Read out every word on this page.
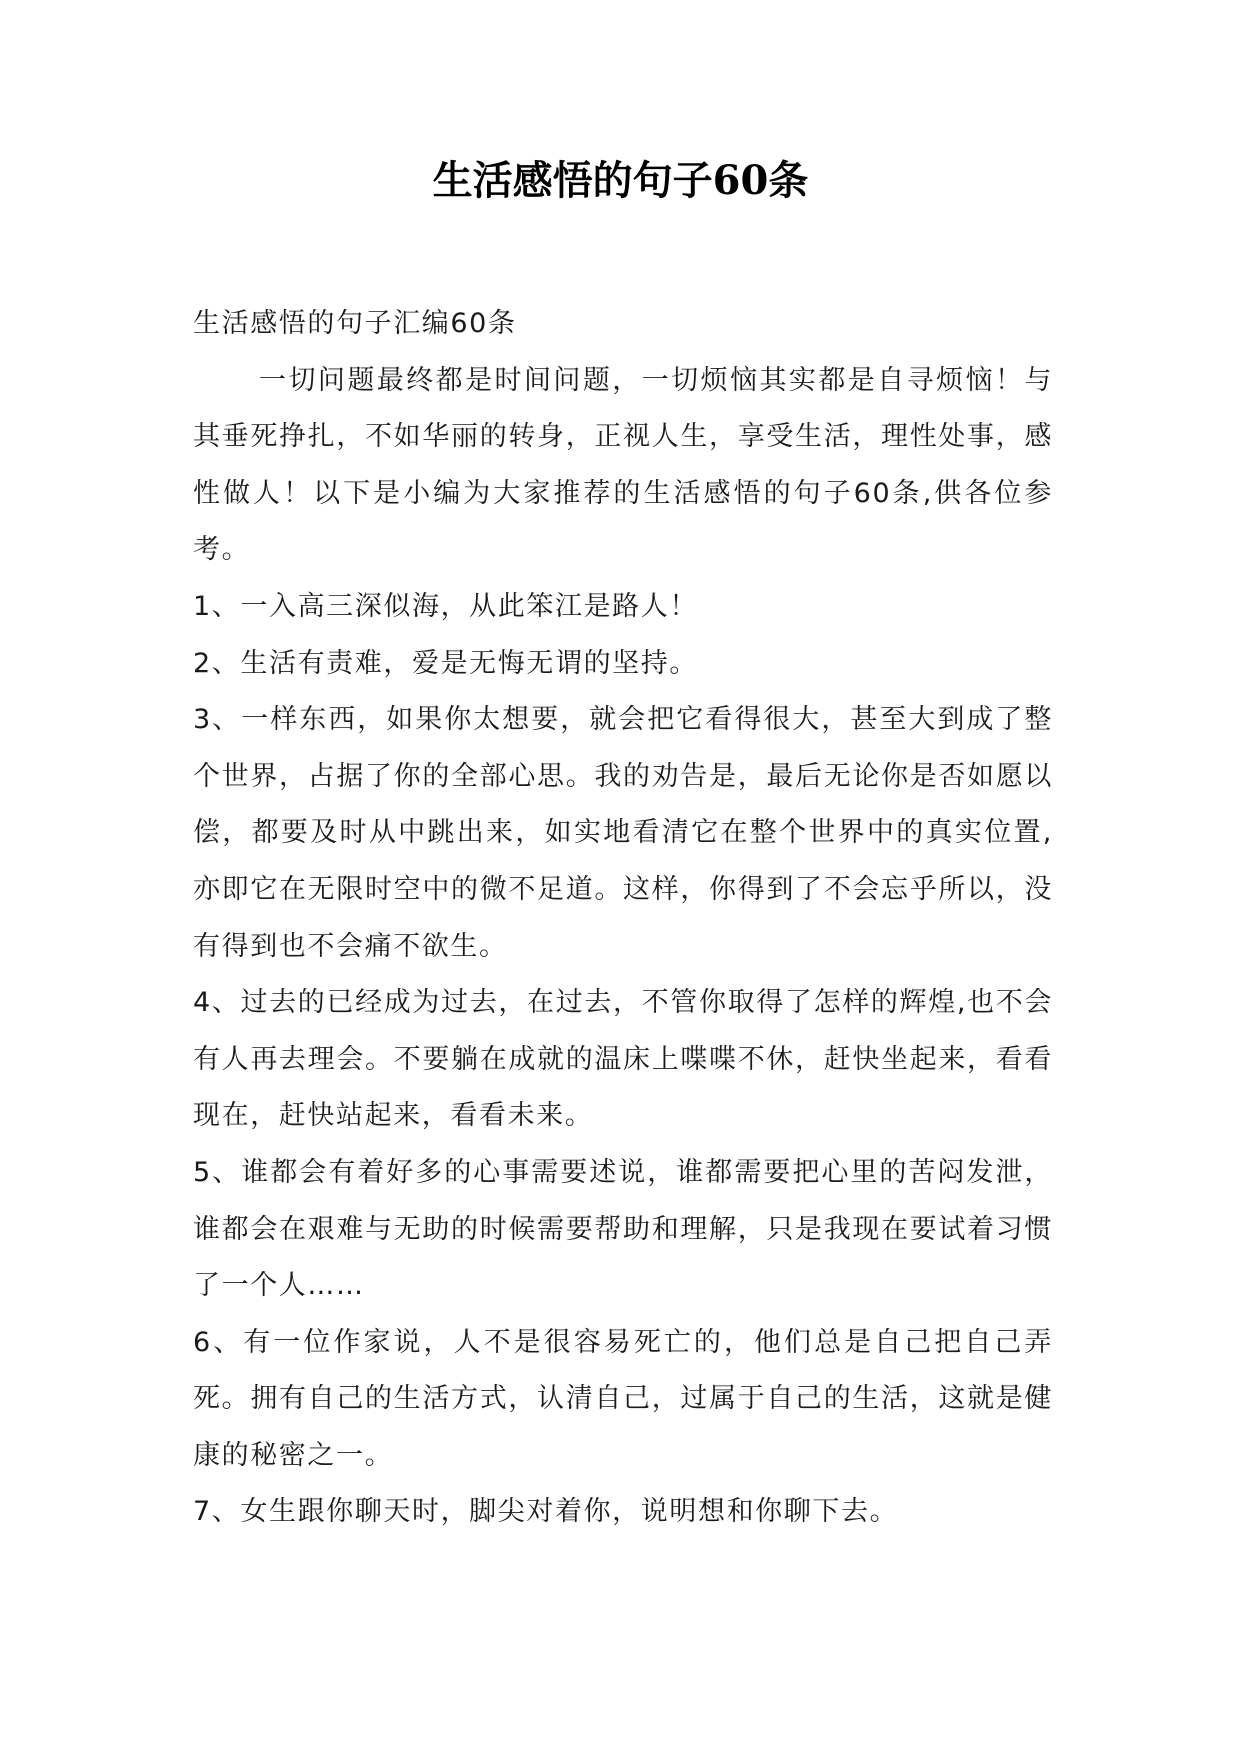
生活感悟的句子60条

生活感悟的句子汇编60条

一切问题最终都是时间问题，一切烦恼其实都是自寻烦恼！与其垂死挣扎，不如华丽的转身，正视人生，享受生活，理性处事，感性做人！以下是小编为大家推荐的生活感悟的句子60条,供各位参考。

1、一入高三深似海，从此笨江是路人！

2、生活有责难，爱是无悔无谓的坚持。

3、一样东西，如果你太想要，就会把它看得很大，甚至大到成了整个世界，占据了你的全部心思。我的劝告是，最后无论你是否如愿以偿，都要及时从中跳出来，如实地看清它在整个世界中的真实位置,亦即它在无限时空中的微不足道。这样，你得到了不会忘乎所以，没有得到也不会痛不欲生。

4、过去的已经成为过去，在过去，不管你取得了怎样的辉煌,也不会有人再去理会。不要躺在成就的温床上喋喋不休，赶快坐起来，看看现在，赶快站起来，看看未来。

5、谁都会有着好多的心事需要述说，谁都需要把心里的苦闷发泄，谁都会在艰难与无助的时候需要帮助和理解，只是我现在要试着习惯了一个人……

6、有一位作家说，人不是很容易死亡的，他们总是自己把自己弄死。拥有自己的生活方式，认清自己，过属于自己的生活，这就是健康的秘密之一。

7、女生跟你聊天时，脚尖对着你，说明想和你聊下去。
